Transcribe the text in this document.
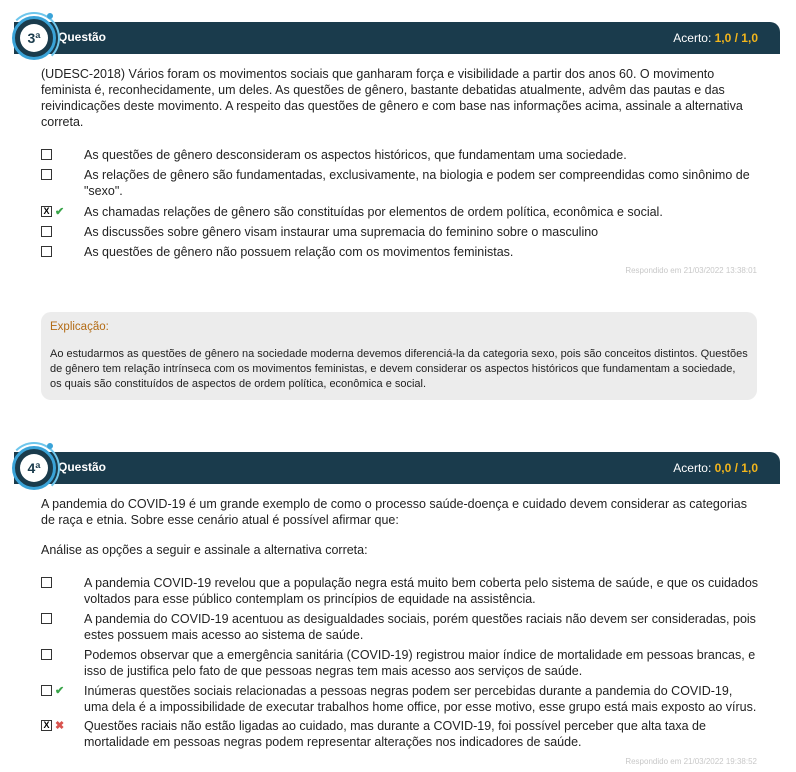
Questão	Acerto: 1,0 / 1,0
3ª
(UDESC-2018) Vários foram os movimentos sociais que ganharam força e visibilidade a partir dos anos 60. O movimento feminista é, reconhecidamente, um deles. As questões de gênero, bastante debatidas atualmente, advêm das pautas e das reivindicações deste movimento. A respeito das questões de gênero e com base nas informações acima, assinale a alternativa correta.
As questões de gênero desconsideram os aspectos históricos, que fundamentam uma sociedade.
As relações de gênero são fundamentadas, exclusivamente, na biologia e podem ser compreendidas como sinônimo de "sexo".
X ✔ As chamadas relações de gênero são constituídas por elementos de ordem política, econômica e social.
As discussões sobre gênero visam instaurar uma supremacia do feminino sobre o masculino
As questões de gênero não possuem relação com os movimentos feministas.
Respondido em 21/03/2022 13:38:01
Explicação:
Ao estudarmos as questões de gênero na sociedade moderna devemos diferenciá-la da categoria sexo, pois são conceitos distintos. Questões de gênero tem relação intrínseca com os movimentos feministas, e devem considerar os aspectos históricos que fundamentam a sociedade, os quais são constituídos de aspectos de ordem política, econômica e social.
Questão	Acerto: 0,0 / 1,0
4ª
A pandemia do COVID-19 é um grande exemplo de como o processo saúde-doença e cuidado devem considerar as categorias de raça e etnia. Sobre esse cenário atual é possível afirmar que:
Análise as opções a seguir e assinale a alternativa correta:
A pandemia COVID-19 revelou que a população negra está muito bem coberta pelo sistema de saúde, e que os cuidados voltados para esse público contemplam os princípios de equidade na assistência.
A pandemia do COVID-19 acentuou as desigualdades sociais, porém questões raciais não devem ser consideradas, pois estes possuem mais acesso ao sistema de saúde.
Podemos observar que a emergência sanitária (COVID-19) registrou maior índice de mortalidade em pessoas brancas, e isso de justifica pelo fato de que pessoas negras tem mais acesso aos serviços de saúde.
✔ Inúmeras questões sociais relacionadas a pessoas negras podem ser percebidas durante a pandemia do COVID-19, uma dela é a impossibilidade de executar trabalhos home office, por esse motivo, esse grupo está mais exposto ao vírus.
X ✖ Questões raciais não estão ligadas ao cuidado, mas durante a COVID-19, foi possível perceber que alta taxa de mortalidade em pessoas negras podem representar alterações nos indicadores de saúde.
Respondido em 21/03/2022 19:38:52
